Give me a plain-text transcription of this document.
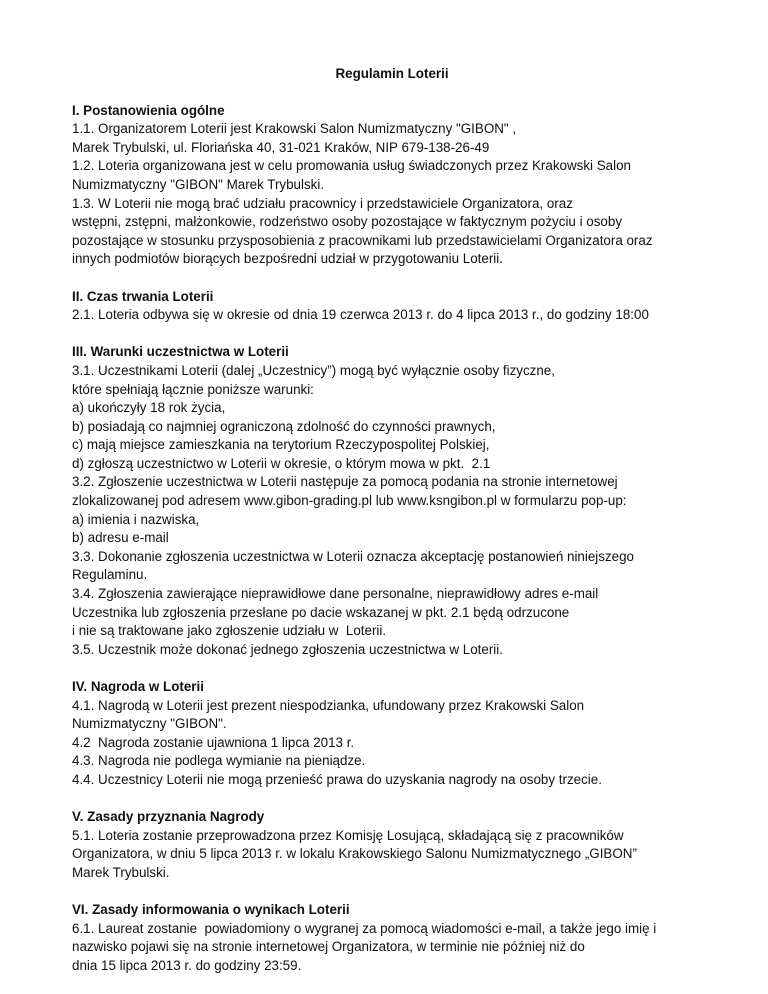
Regulamin Loterii

I. Postanowienia ogólne

1.1. Organizatorem Loterii jest Krakowski Salon Numizmatyczny "GIBON" ,

Marek Trybulski, ul. Floriańska 40, 31-021 Kraków, NIP 679-138-26-49

1.2. Loteria organizowana jest w celu promowania usług świadczonych przez Krakowski Salon

Numizmatyczny "GIBON" Marek Trybulski.

1.3. W Loterii nie mogą brać udziału pracownicy i przedstawiciele Organizatora, oraz

wstępni, zstępni, małżonkowie, rodzeństwo osoby pozostające w faktycznym pożyciu i osoby

pozostające w stosunku przysposobienia z pracownikami lub przedstawicielami Organizatora oraz

innych podmiotów biorących bezpośredni udział w przygotowaniu Loterii.

II. Czas trwania Loterii

2.1. Loteria odbywa się w okresie od dnia 19 czerwca 2013 r. do 4 lipca 2013 r., do godziny 18:00

III. Warunki uczestnictwa w Loterii

3.1. Uczestnikami Loterii (dalej „Uczestnicy”) mogą być wyłącznie osoby fizyczne,

które spełniają łącznie poniższe warunki:

a) ukończyły 18 rok życia,

b) posiadają co najmniej ograniczoną zdolność do czynności prawnych,

c) mają miejsce zamieszkania na terytorium Rzeczypospolitej Polskiej,

d) zgłoszą uczestnictwo w Loterii w okresie, o którym mowa w pkt.  2.1

3.2. Zgłoszenie uczestnictwa w Loterii następuje za pomocą podania na stronie internetowej

zlokalizowanej pod adresem www.gibon-grading.pl lub www.ksngibon.pl w formularzu pop-up:

a) imienia i nazwiska,

b) adresu e-mail

3.3. Dokonanie zgłoszenia uczestnictwa w Loterii oznacza akceptację postanowień niniejszego

Regulaminu.

3.4. Zgłoszenia zawierające nieprawidłowe dane personalne, nieprawidłowy adres e-mail

Uczestnika lub zgłoszenia przesłane po dacie wskazanej w pkt. 2.1 będą odrzucone

i nie są traktowane jako zgłoszenie udziału w  Loterii.

3.5. Uczestnik może dokonać jednego zgłoszenia uczestnictwa w Loterii.

IV. Nagroda w Loterii

4.1. Nagrodą w Loterii jest prezent niespodzianka, ufundowany przez Krakowski Salon

Numizmatyczny "GIBON".

4.2  Nagroda zostanie ujawniona 1 lipca 2013 r.

4.3. Nagroda nie podlega wymianie na pieniądze.

4.4. Uczestnicy Loterii nie mogą przenieść prawa do uzyskania nagrody na osoby trzecie.

V. Zasady przyznania Nagrody

5.1. Loteria zostanie przeprowadzona przez Komisję Losującą, składającą się z pracowników

Organizatora, w dniu 5 lipca 2013 r. w lokalu Krakowskiego Salonu Numizmatycznego „GIBON”

Marek Trybulski.

VI. Zasady informowania o wynikach Loterii

6.1. Laureat zostanie  powiadomiony o wygranej za pomocą wiadomości e-mail, a także jego imię i

nazwisko pojawi się na stronie internetowej Organizatora, w terminie nie później niż do

dnia 15 lipca 2013 r. do godziny 23:59.
